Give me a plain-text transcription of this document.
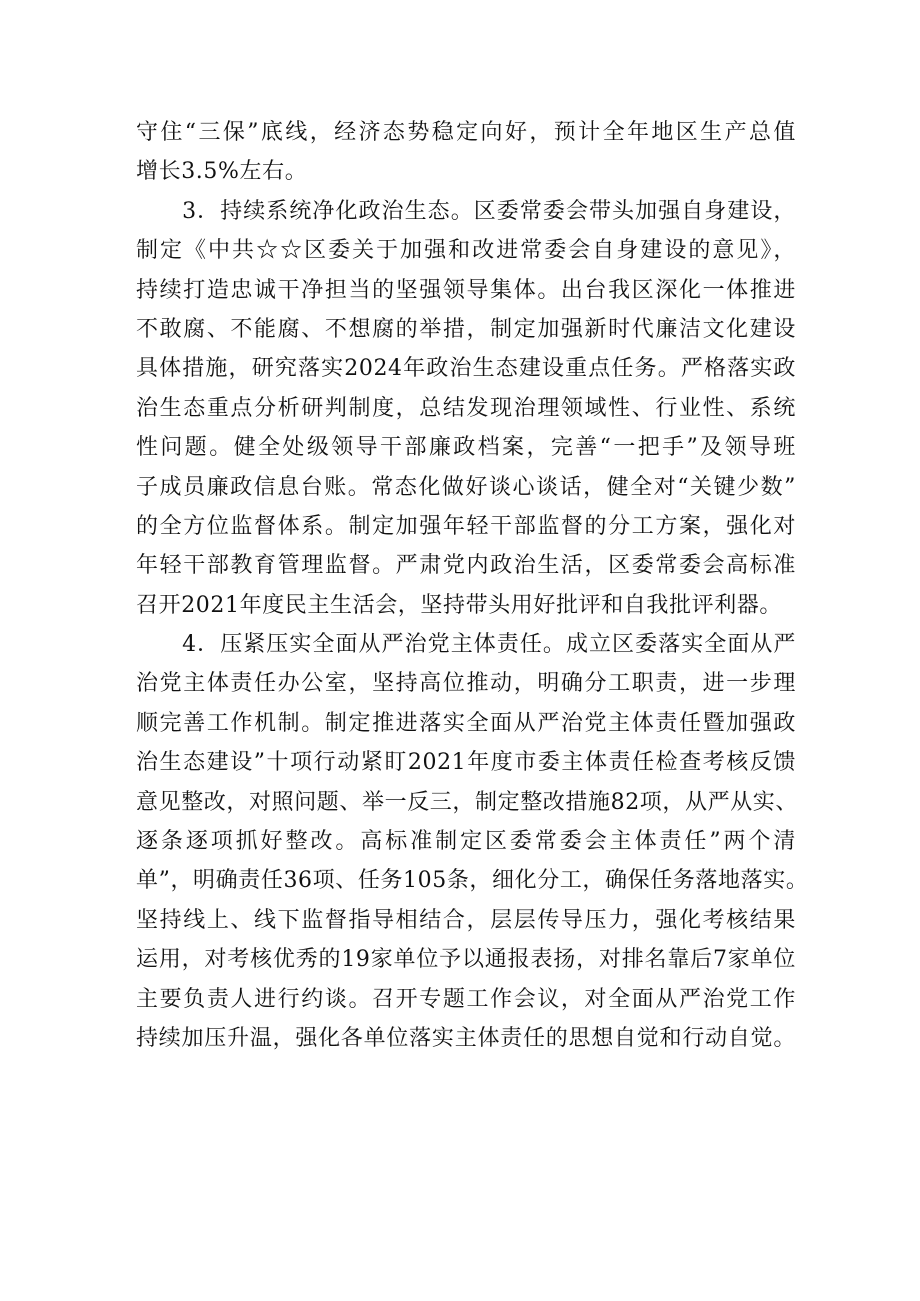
守住“三保”底线，经济态势稳定向好，预计全年地区生产总值
增长3.5%左右。
　　3．持续系统净化政治生态。区委常委会带头加强自身建设，
制定《中共☆☆区委关于加强和改进常委会自身建设的意见》，
持续打造忠诚干净担当的坚强领导集体。出台我区深化一体推进
不敢腐、不能腐、不想腐的举措，制定加强新时代廉洁文化建设
具体措施，研究落实2024年政治生态建设重点任务。严格落实政
治生态重点分析研判制度，总结发现治理领域性、行业性、系统
性问题。健全处级领导干部廉政档案，完善“一把手”及领导班
子成员廉政信息台账。常态化做好谈心谈话，健全对“关键少数”
的全方位监督体系。制定加强年轻干部监督的分工方案，强化对
年轻干部教育管理监督。严肃党内政治生活，区委常委会高标准
召开2021年度民主生活会，坚持带头用好批评和自我批评利器。
　　4．压紧压实全面从严治党主体责任。成立区委落实全面从严
治党主体责任办公室，坚持高位推动，明确分工职责，进一步理
顺完善工作机制。制定推进落实全面从严治党主体责任暨加强政
治生态建设”十项行动紧盯2021年度市委主体责任检查考核反馈
意见整改，对照问题、举一反三，制定整改措施82项，从严从实、
逐条逐项抓好整改。高标准制定区委常委会主体责任”两个清
单”，明确责任36项、任务105条，细化分工，确保任务落地落实。
坚持线上、线下监督指导相结合，层层传导压力，强化考核结果
运用，对考核优秀的19家单位予以通报表扬，对排名靠后7家单位
主要负责人进行约谈。召开专题工作会议，对全面从严治党工作
持续加压升温，强化各单位落实主体责任的思想自觉和行动自觉。
